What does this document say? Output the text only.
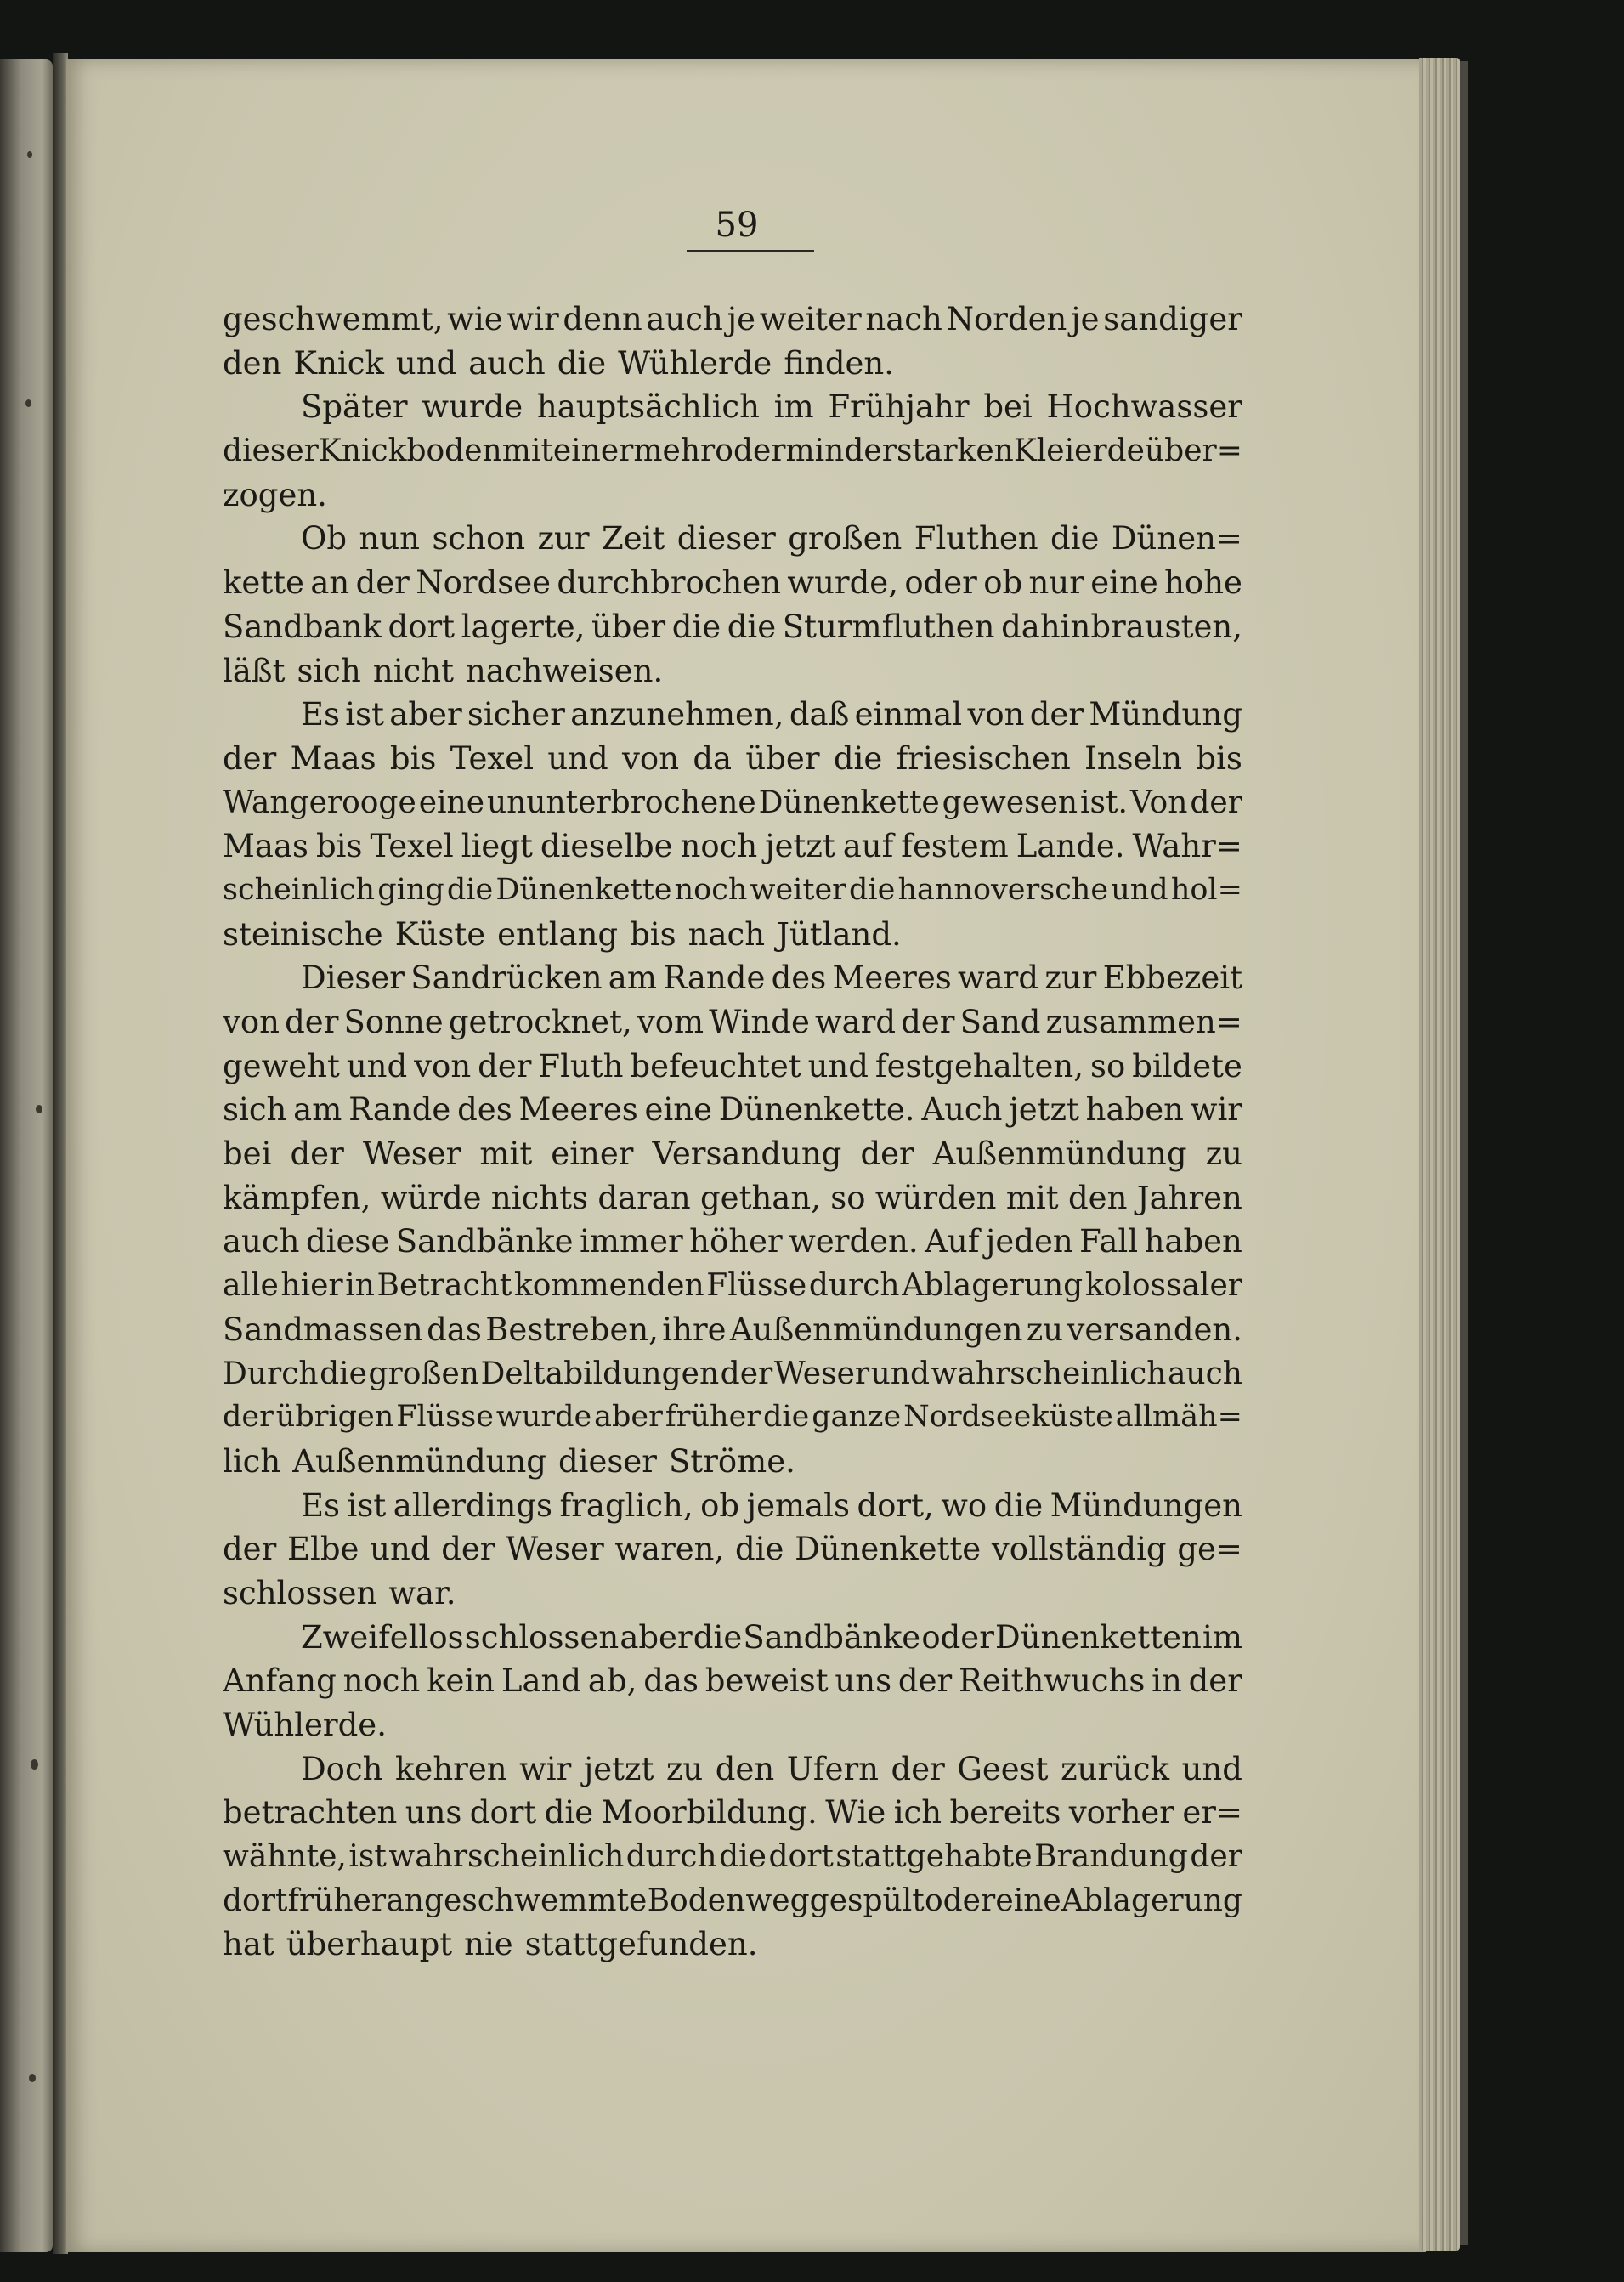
59
geschwemmt, wie wir denn auch je weiter nach Norden je sandiger
den Knick und auch die Wühlerde finden.
Später wurde hauptsächlich im Frühjahr bei Hochwasser
dieser Knickboden mit einer mehr oder minder starken Kleierde über=
zogen.
Ob nun schon zur Zeit dieser großen Fluthen die Dünen=
kette an der Nordsee durchbrochen wurde, oder ob nur eine hohe
Sandbank dort lagerte, über die die Sturmfluthen dahinbrausten,
läßt sich nicht nachweisen.
Es ist aber sicher anzunehmen, daß einmal von der Mündung
der Maas bis Texel und von da über die friesischen Inseln bis
Wangerooge eine ununterbrochene Dünenkette gewesen ist. Von der
Maas bis Texel liegt dieselbe noch jetzt auf festem Lande. Wahr=
scheinlich ging die Dünenkette noch weiter die hannoversche und hol=
steinische Küste entlang bis nach Jütland.
Dieser Sandrücken am Rande des Meeres ward zur Ebbezeit
von der Sonne getrocknet, vom Winde ward der Sand zusammen=
geweht und von der Fluth befeuchtet und festgehalten, so bildete
sich am Rande des Meeres eine Dünenkette. Auch jetzt haben wir
bei der Weser mit einer Versandung der Außenmündung zu
kämpfen, würde nichts daran gethan, so würden mit den Jahren
auch diese Sandbänke immer höher werden. Auf jeden Fall haben
alle hier in Betracht kommenden Flüsse durch Ablagerung kolossaler
Sandmassen das Bestreben, ihre Außenmündungen zu versanden.
Durch die großen Deltabildungen der Weser und wahrscheinlich auch
der übrigen Flüsse wurde aber früher die ganze Nordseeküste allmäh=
lich Außenmündung dieser Ströme.
Es ist allerdings fraglich, ob jemals dort, wo die Mündungen
der Elbe und der Weser waren, die Dünenkette vollständig ge=
schlossen war.
Zweifellos schlossen aber die Sandbänke oder Dünenketten im
Anfang noch kein Land ab, das beweist uns der Reithwuchs in der
Wühlerde.
Doch kehren wir jetzt zu den Ufern der Geest zurück und
betrachten uns dort die Moorbildung. Wie ich bereits vorher er=
wähnte, ist wahrscheinlich durch die dort stattgehabte Brandung der
dort früher angeschwemmte Boden weggespült oder eine Ablagerung
hat überhaupt nie stattgefunden.
